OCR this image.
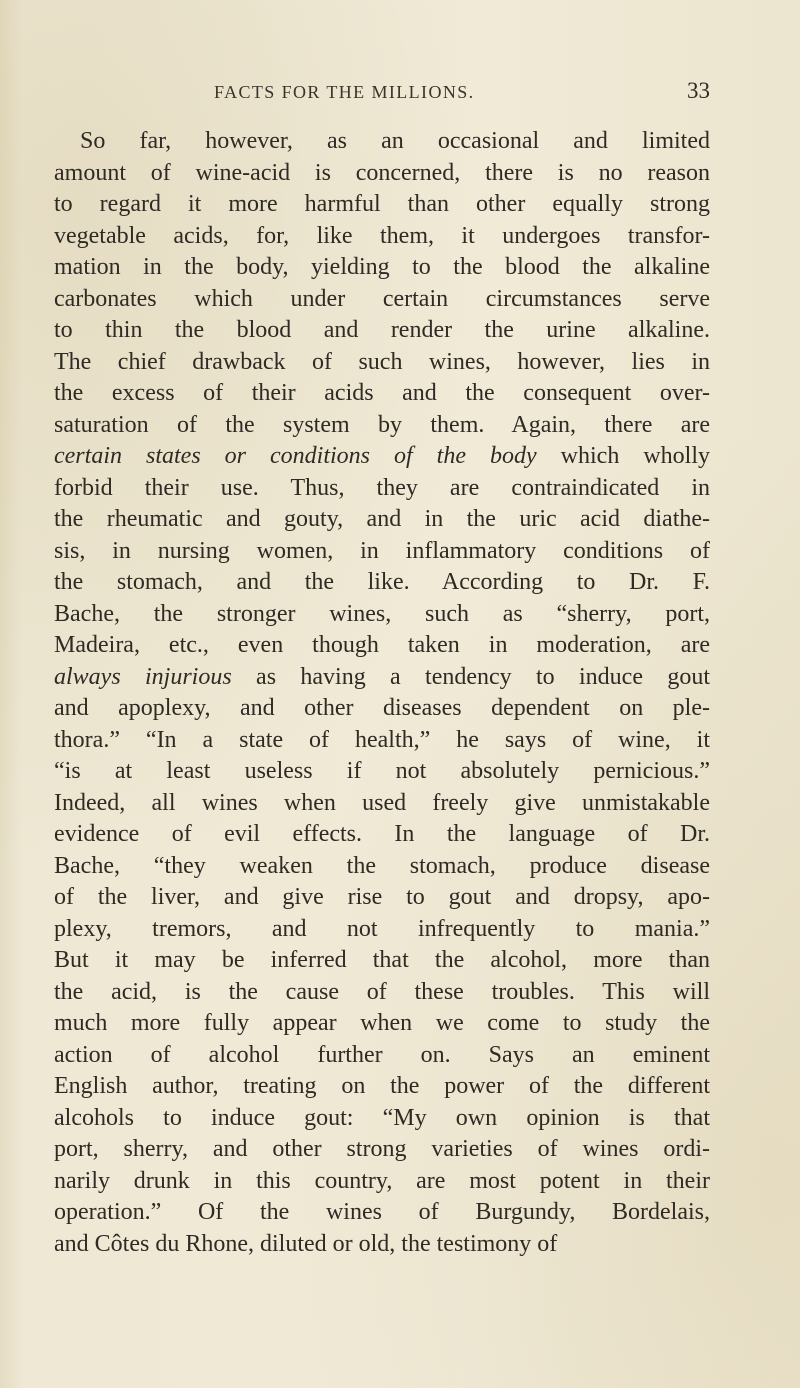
FACTS FOR THE MILLIONS.	33
So far, however, as an occasional and limited
amount of wine-acid is concerned, there is no reason
to regard it more harmful than other equally strong
vegetable acids, for, like them, it undergoes transfor-
mation in the body, yielding to the blood the alkaline
carbonates which under certain circumstances serve
to thin the blood and render the urine alkaline.
The chief drawback of such wines, however, lies in
the excess of their acids and the consequent over-
saturation of the system by them. Again, there are
certain states or conditions of the body which wholly
forbid their use. Thus, they are contraindicated in
the rheumatic and gouty, and in the uric acid diathe-
sis, in nursing women, in inflammatory conditions of
the stomach, and the like. According to Dr. F.
Bache, the stronger wines, such as “sherry, port,
Madeira, etc., even though taken in moderation, are
always injurious as having a tendency to induce gout
and apoplexy, and other diseases dependent on ple-
thora.” “In a state of health,” he says of wine, it
“is at least useless if not absolutely pernicious.”
Indeed, all wines when used freely give unmistakable
evidence of evil effects. In the language of Dr.
Bache, “they weaken the stomach, produce disease
of the liver, and give rise to gout and dropsy, apo-
plexy, tremors, and not infrequently to mania.”
But it may be inferred that the alcohol, more than
the acid, is the cause of these troubles. This will
much more fully appear when we come to study the
action of alcohol further on. Says an eminent
English author, treating on the power of the different
alcohols to induce gout: “My own opinion is that
port, sherry, and other strong varieties of wines ordi-
narily drunk in this country, are most potent in their
operation.” Of the wines of Burgundy, Bordelais,
and Côtes du Rhone, diluted or old, the testimony of
